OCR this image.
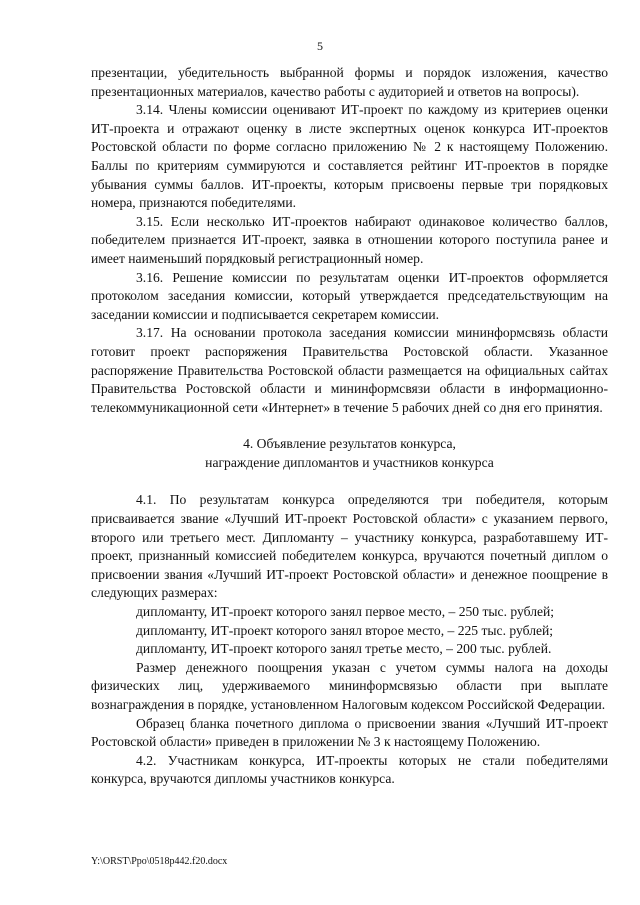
5

презентации, убедительность выбранной формы и порядок изложения, качество презентационных материалов, качество работы с аудиторией и ответов на вопросы).

3.14. Члены комиссии оценивают ИТ-проект по каждому из критериев оценки ИТ-проекта и отражают оценку в листе экспертных оценок конкурса ИТ-проектов Ростовской области по форме согласно приложению № 2 к настоящему Положению. Баллы по критериям суммируются и составляется рейтинг ИТ-проектов в порядке убывания суммы баллов. ИТ-проекты, которым присвоены первые три порядковых номера, признаются победителями.

3.15. Если несколько ИТ-проектов набирают одинаковое количество баллов, победителем признается ИТ-проект, заявка в отношении которого поступила ранее и имеет наименьший порядковый регистрационный номер.

3.16. Решение комиссии по результатам оценки ИТ-проектов оформляется протоколом заседания комиссии, который утверждается председательствующим на заседании комиссии и подписывается секретарем комиссии.

3.17. На основании протокола заседания комиссии мининформсвязь области готовит проект распоряжения Правительства Ростовской области. Указанное распоряжение Правительства Ростовской области размещается на официальных сайтах Правительства Ростовской области и мининформсвязи области в информационно-телекоммуникационной сети «Интернет» в течение 5 рабочих дней со дня его принятия.

4. Объявление результатов конкурса,
награждение дипломантов и участников конкурса

4.1. По результатам конкурса определяются три победителя, которым присваивается звание «Лучший ИТ-проект Ростовской области» с указанием первого, второго или третьего мест. Дипломанту – участнику конкурса, разработавшему ИТ-проект, признанный комиссией победителем конкурса, вручаются почетный диплом о присвоении звания «Лучший ИТ-проект Ростовской области» и денежное поощрение в следующих размерах:

дипломанту, ИТ-проект которого занял первое место, – 250 тыс. рублей;

дипломанту, ИТ-проект которого занял второе место, – 225 тыс. рублей;

дипломанту, ИТ-проект которого занял третье место, – 200 тыс. рублей.

Размер денежного поощрения указан с учетом суммы налога на доходы физических лиц, удерживаемого мининформсвязью области при выплате вознаграждения в порядке, установленном Налоговым кодексом Российской Федерации.

Образец бланка почетного диплома о присвоении звания «Лучший ИТ-проект Ростовской области» приведен в приложении № 3 к настоящему Положению.

4.2. Участникам конкурса, ИТ-проекты которых не стали победителями конкурса, вручаются дипломы участников конкурса.

Y:\ORST\Ppo\0518p442.f20.docx
